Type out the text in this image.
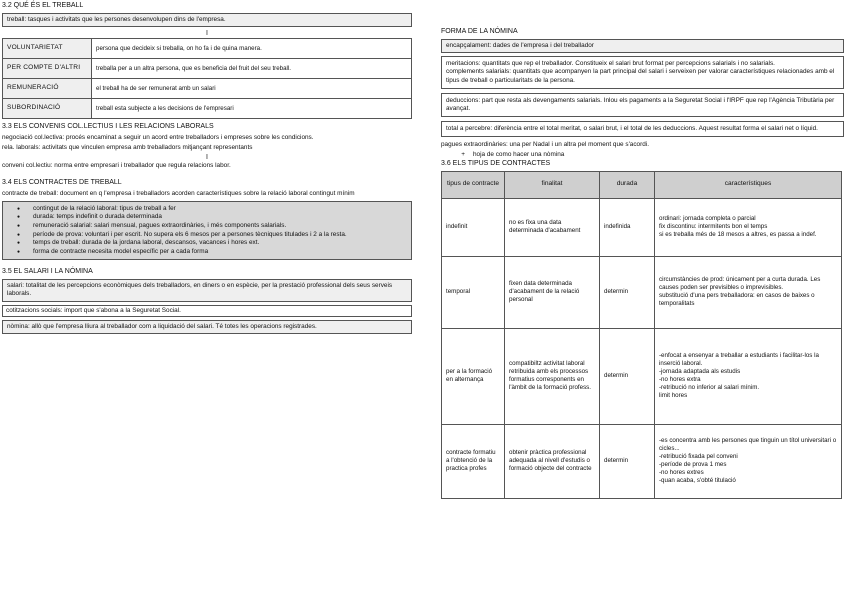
3.2 QUÉ ÉS EL TREBALL
treball: tasques i activitats que les persones desenvolupen dins de l'empresa.
I
VOLUNTARIETAT	persona que decideix si treballa, on ho fa i de quina manera.
PER COMPTE D'ALTRI	treballa per a un altra persona, que es beneficia del fruit del seu treball.
REMUNERACIÓ	el treball ha de ser remunerat amb un salari
SUBORDINACIÓ	treball esta subjecte a les decisions de l'empresari
3.3 ELS CONVENIS COL.LECTIUS I LES RELACIONS LABORALS

negociació col.lectiva: procés encaminat a seguir un acord entre treballadors i empreses sobre les condicions.

rela. laborals: activitats que vinculen empresa amb treballadors mitjançant representants

I

conveni col.lectiu: norma entre empresari i treballador que regula relacions labor.

3.4 ELS CONTRACTES DE TREBALL

contracte de treball: document en q l'empresa i treballadors acorden característiques sobre la relació laboral contingut mínim

● contingut de la relació laboral: tipus de treball a fer
● durada: temps indefinit o durada determinada
● remuneració salarial: salari mensual, pagues extraordinàries, i més components salarials.
● període de prova: voluntari i per escrit. No supera els 6 mesos per a persones tècniques titulades i 2 a la resta.
● temps de treball: durada de la jordana laboral, descansos, vacances i hores ext.
● forma de contracte necesita model específic per a cada forma
3.5 EL SALARI I LA NÓMINA
salari: totalitat de les percepcions econòmiques dels treballadors, en diners o en espècie, per la prestació professional dels seus serveis laborals.

cotitzacions socials: import que s'abona a la Seguretat Social.

nòmina: allò que l'empresa lliura al treballador com a liquidació del salari. Té totes les operacions registrades.
FORMA DE LA NÓMINA
encapçalament: dades de l'empresa i del treballador
meritacions: quantitats que rep el treballador. Constitueix el salari brut format per percepcions salarials i no salarials.
complements salarials: quantitats que acompanyen la part principal del salari i serveixen per valorar característiques relacionades amb el tipus de treball o particularitats de la persona.
deduccions: part que resta als devengaments salarials. Inlou els pagaments a la Seguretat Social i l'IRPF que rep l'Agència Tributària per avançat.
total a percebre: diferència entre el total meritat, o salari brut, i el total de les deduccions. Aquest resultat forma el salari net o líquid.

pagues extraordinàries: una per Nadal i un altra pel moment que s'acordi.

+ hoja de como hacer una nòmina
3.6 ELS TIPUS DE CONTRACTES
tipus de contracte	finalitat	durada	característiques
indefinit	no es fixa una data determinada d'acabament	indefinida	ordinari: jornada completa o parcial
fix discontinu: intermitents bon el temps
si es treballa més de 18 mesos a altres, es passa a indef.
temporal	fixen data determinada d'acabament de la relació personal	determin	circumstàncies de prod: únicament per a curta durada. Les causes poden ser previsibles o imprevisibles.
substitució d'una pers treballadora: en casos de baixes o temporalitats
per a la formació en alternança	compatibiltz activitat laboral retribuida amb els processos formatius corresponents en l'àmbit de la formació profess.	determin	-enfocat a ensenyar a treballar a estudiants i facilitar-los la inserció laboral.
-jornada adaptada als estudis
-no hores extra
-retribució no inferior al salari mínim.
limit hores
contracte formatiu a l'obtenció de la practica profes	obtenir pràctica professional adequada al nivell d'estudis o formació objecte del contracte	determin	-es concentra amb les persones que tinguin un títol universitari o cicles...
-retribució fixada pel conveni
-període de prova 1 mes
-no hores extres
-quan acaba, s'obté titulació
